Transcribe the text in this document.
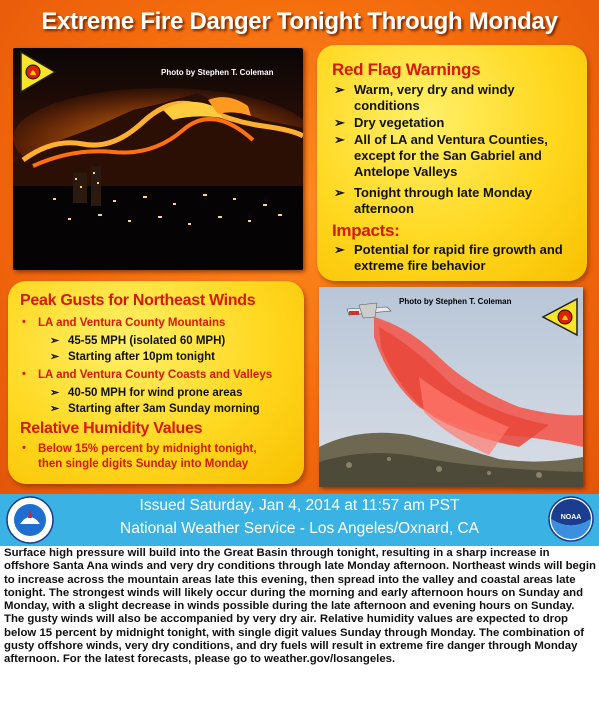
Extreme Fire Danger Tonight Through Monday
Photo by Stephen T. Coleman	Red Flag Warnings
➢ Warm, very dry and windy
conditions
➢ Dry vegetation
➢ All of LA and Ventura Counties,
except for the San Gabriel and
Antelope Valleys
➢ Tonight through late Monday
afternoon
Impacts:
➢ Potential for rapid fire growth and
extreme fire behavior
Peak Gusts for Northeast Winds
• LA and Ventura County Mountains
➢ 45-55 MPH (isolated 60 MPH)
➢ Starting after 10pm tonight
• LA and Ventura County Coasts and Valleys
➢ 40-50 MPH for wind prone areas
➢ Starting after 3am Sunday morning
Relative Humidity Values
• Below 15% percent by midnight tonight,
then single digits Sunday into Monday
Photo by Stephen T. Coleman
Issued Saturday, Jan 4, 2014 at 11:57 am PST
National Weather Service - Los Angeles/Oxnard, CA
NOAA
Surface high pressure will build into the Great Basin through tonight, resulting in a sharp increase in offshore Santa Ana winds and very dry conditions through late Monday afternoon. Northeast winds will begin to increase across the mountain areas late this evening, then spread into the valley and coastal areas late tonight. The strongest winds will likely occur during the morning and early afternoon hours on Sunday and Monday, with a slight decrease in winds possible during the late afternoon and evening hours on Sunday. The gusty winds will also be accompanied by very dry air. Relative humidity values are expected to drop below 15 percent by midnight tonight, with single digit values Sunday through Monday. The combination of gusty offshore winds, very dry conditions, and dry fuels will result in extreme fire danger through Monday afternoon. For the latest forecasts, please go to weather.gov/losangeles.
